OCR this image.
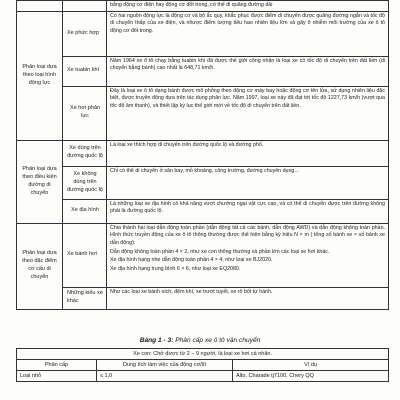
		bằng động cơ điện hay động cơ đốt trong, có thể đi quãng đường dài
Phân loại dựa theo loại hình động lực	Xe phức hợp	Có hai nguồn động lực là động cơ và bộ ắc quy, khắc phục được điểm di chuyển được quãng đường ngắn và tốc độ di chuyển thấp của xe điện, và nhược điểm lượng tiêu hao nhiên liệu lớn và gây ô nhiễm môi trường của xe ô tô động cơ đốt trong.

	Xe tuabin khí	Năm 1964 xe ô tô chạy bằng tuabin khí đã được thế giới công nhận là loại xe có tốc độ di chuyển trên đất liền (di chuyển bằng bánh) cao nhất là 648,71 km/h.

	Xe hơi phản lực	Đây là loại xe ô tô dạng bánh được mô phỏng theo động cơ máy bay hoặc động cơ tên lửa, sử dụng nhiên liệu đặc biệt, được truyền động dựa trên tác dụng phản lực. Năm 1997, loại xe này đã đạt tới tốc độ 1227,73 km/h (vượt qua tốc độ âm thanh), và thiết lập kỷ lục thế giới mới về tốc độ di chuyển trên đất liền.

Phân loại dựa theo điều kiện đường di chuyển	Xe dùng trên đường quốc lộ	Là loại xe thích hợp di chuyển trên đường quốc lộ và đường phố.

	Xe không dùng trên đường quốc lộ	Chỉ có thể di chuyển ở sân bay, mỏ khoáng, công trường, đường chuyên dụng...

	Xe địa hình	Là những loại xe địa hình có khả năng vượt chướng ngại vật cực cao, và có thể di chuyển được trên đường không phải là đường quốc lộ.

Phân loại dựa theo đặc điểm cơ cấu di chuyển	Xe bánh hơi	Chia thành hai loại dẫn động toàn phần (dẫn động tất cả các bánh, dẫn động AWD) và dẫn động không toàn phần. Hình thức truyền động của xe ô tô thông thường được thể hiện bằng ký hiệu N × m ( tổng số bánh xe × số bánh xe dẫn động):

Dẫn động không toàn phần 4 × 2, như xe con thông thường và phần lớn các loại xe hơi khác.

Xe địa hình hạng nhẹ dẫn động toàn phần 4 × 4, như loại xe BJ2020.

Xe địa hình hạng trung bình 6 × 6, như loại xe EQ2080.

	Những kiểu xe khác	Như các loại xe bánh xích, đệm khí, xe trượt tuyết, xe rô bốt tự hành.

Bảng 1 - 3: Phân cấp xe ô tô vận chuyển
Xe con: Chở được từ 2 – 9 người, là loại xe hơi cá nhân.		
Phân cấp	Dung tích làm việc của động cơ/lít	Ví dụ
Loại nhỏ	≤ 1,0	Alto, Charade tj7100, Chery QQ
